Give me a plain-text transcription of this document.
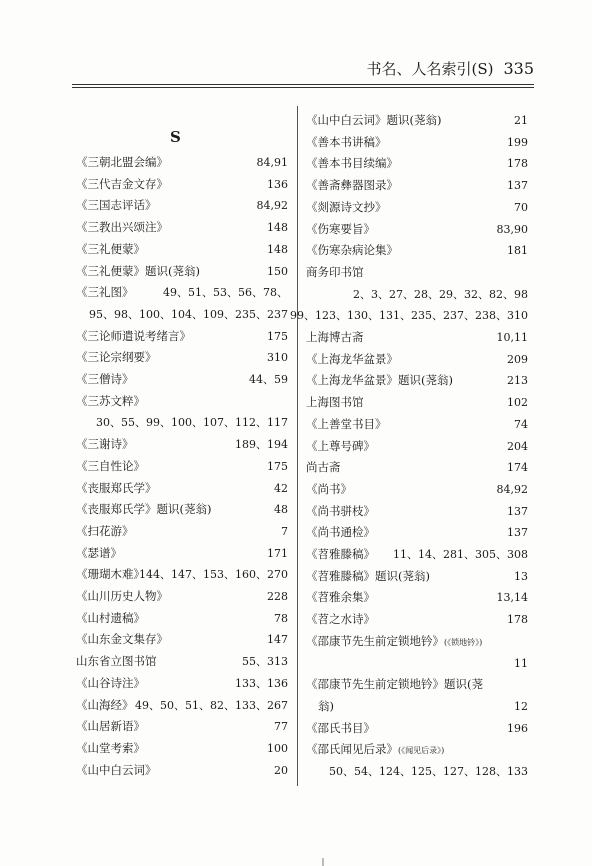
书名、人名索引(S) 335
S
《三朝北盟会编》	84,91
《三代吉金文存》	136
《三国志评话》	84,92
《三教出兴颂注》	148
《三礼便蒙》	148
《三礼便蒙》题识(荛翁)	150
《三礼图》	49、51、53、56、78、
95、98、100、104、109、235、237
《三论师遣说考绪言》	175
《三论宗纲要》	310
《三僧诗》	44、59
《三苏文粹》
30、55、99、100、107、112、117
《三谢诗》	189、194
《三自性论》	175
《丧服郑氏学》	42
《丧服郑氏学》题识(荛翁)	48
《扫花游》	7
《瑟谱》	171
《珊瑚木难》
144、147、153、160、270
《山川历史人物》	228
《山村遗稿》	78
《山东金文集存》	147
山东省立图书馆	55、313
《山谷诗注》	133、136
《山海经》 49、50、51、82、133、267
《山居新语》	77
《山堂考索》	100
《山中白云词》	20
《山中白云词》题识(荛翁)	21
《善本书讲稿》	199
《善本书目续编》	178
《善斋彝器图录》	137
《剡源诗文抄》	70
《伤寒要旨》	83,90
《伤寒杂病论集》	181
商务印书馆
2、3、27、28、29、32、82、98
99、123、130、131、235、237、238、310
上海博古斋	10,11
《上海龙华盆景》	209
《上海龙华盆景》题识(荛翁)	213
上海图书馆	102
《上善堂书目》	74
《上尊号碑》	204
尚古斋	174
《尚书》	84,92
《尚书骈枝》	137
《尚书通检》	137
《苕雅滕稿》 11、14、281、305、308
《苕雅滕稿》题识(荛翁)	13
《苕雅余集》	13,14
《苕之水诗》	178
《邵康节先生前定锁地钤》(《锁地钤》)
11
《邵康节先生前定锁地钤》题识(荛
翁)	12
《邵氏书目》	196
《邵氏闻见后录》(《闻见后录》)
50、54、124、125、127、128、133
